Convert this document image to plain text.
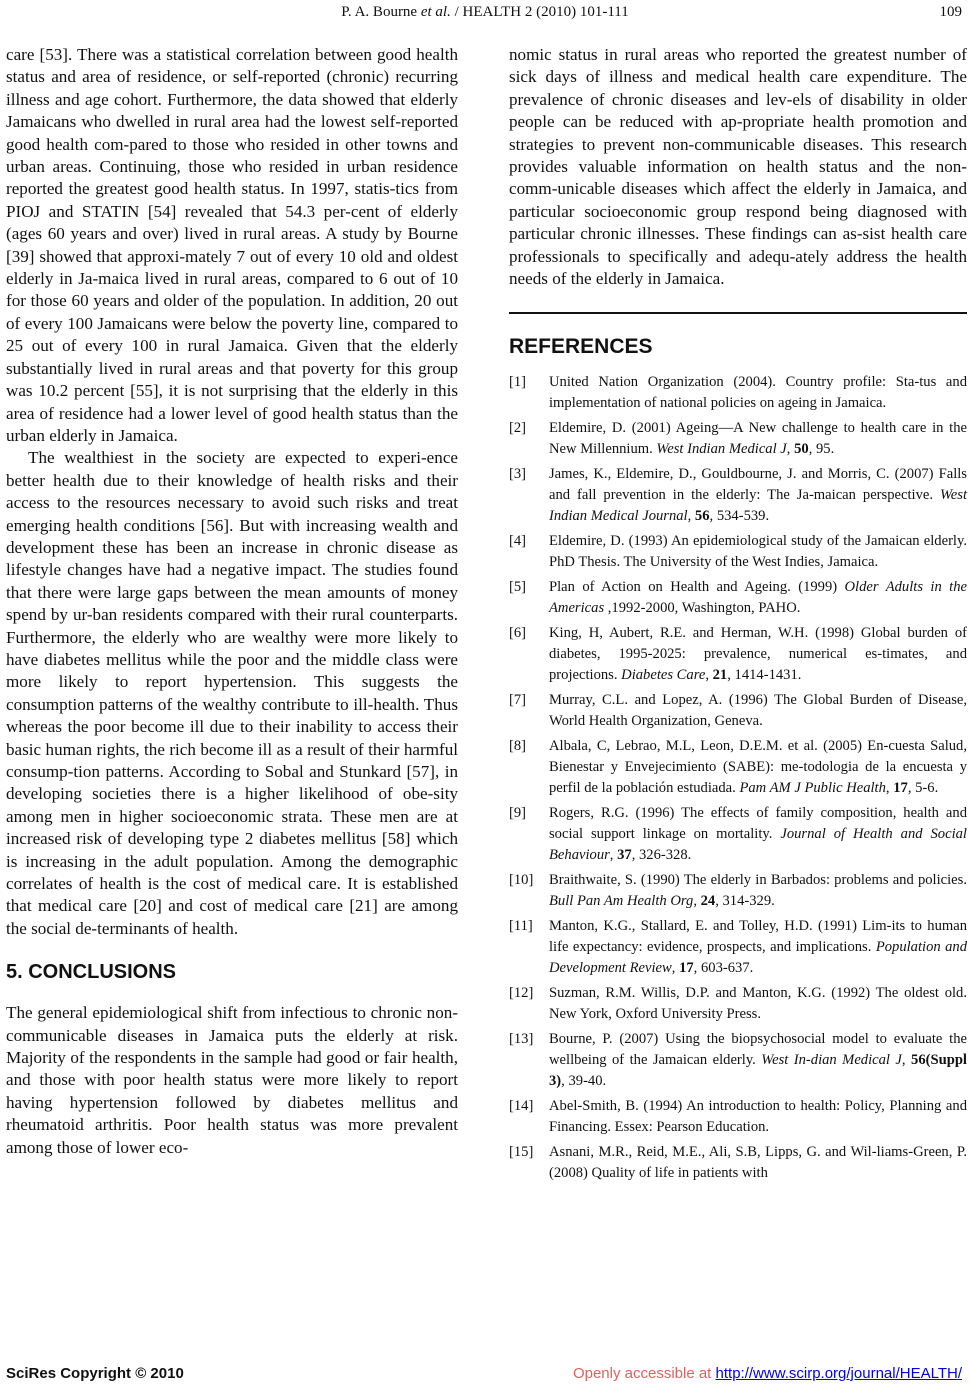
P. A. Bourne et al. / HEALTH 2 (2010) 101-111	109

care [53]. There was a statistical correlation between good health status and area of residence, or self-reported (chronic) recurring illness and age cohort. Furthermore, the data showed that elderly Jamaicans who dwelled in rural area had the lowest self-reported good health com-pared to those who resided in other towns and urban areas. Continuing, those who resided in urban residence reported the greatest good health status. In 1997, statis-tics from PIOJ and STATIN [54] revealed that 54.3 per-cent of elderly (ages 60 years and over) lived in rural areas. A study by Bourne [39] showed that approxi-mately 7 out of every 10 old and oldest elderly in Ja-maica lived in rural areas, compared to 6 out of 10 for those 60 years and older of the population. In addition, 20 out of every 100 Jamaicans were below the poverty line, compared to 25 out of every 100 in rural Jamaica. Given that the elderly substantially lived in rural areas and that poverty for this group was 10.2 percent [55], it is not surprising that the elderly in this area of residence had a lower level of good health status than the urban elderly in Jamaica.

The wealthiest in the society are expected to experi-ence better health due to their knowledge of health risks and their access to the resources necessary to avoid such risks and treat emerging health conditions [56]. But with increasing wealth and development these has been an increase in chronic disease as lifestyle changes have had a negative impact. The studies found that there were large gaps between the mean amounts of money spend by ur-ban residents compared with their rural counterparts. Furthermore, the elderly who are wealthy were more likely to have diabetes mellitus while the poor and the middle class were more likely to report hypertension. This suggests the consumption patterns of the wealthy contribute to ill-health. Thus whereas the poor become ill due to their inability to access their basic human rights, the rich become ill as a result of their harmful consump-tion patterns. According to Sobal and Stunkard [57], in developing societies there is a higher likelihood of obe-sity among men in higher socioeconomic strata. These men are at increased risk of developing type 2 diabetes mellitus [58] which is increasing in the adult population. Among the demographic correlates of health is the cost of medical care. It is established that medical care [20] and cost of medical care [21] are among the social de-terminants of health.

5. CONCLUSIONS

The general epidemiological shift from infectious to chronic non-communicable diseases in Jamaica puts the elderly at risk. Majority of the respondents in the sample had good or fair health, and those with poor health status were more likely to report having hypertension followed by diabetes mellitus and rheumatoid arthritis. Poor health status was more prevalent among those of lower eco-

nomic status in rural areas who reported the greatest number of sick days of illness and medical health care expenditure. The prevalence of chronic diseases and lev-els of disability in older people can be reduced with ap-propriate health promotion and strategies to prevent non-communicable diseases. This research provides valuable information on health status and the non-comm-unicable diseases which affect the elderly in Jamaica, and particular socioeconomic group respond being diagnosed with particular chronic illnesses. These findings can as-sist health care professionals to specifically and adequ-ately address the health needs of the elderly in Jamaica.

REFERENCES
[1] United Nation Organization (2004). Country profile: Sta-tus and implementation of national policies on ageing in Jamaica.
[2] Eldemire, D. (2001) Ageing—A New challenge to health care in the New Millennium. West Indian Medical J, 50, 95.
[3] James, K., Eldemire, D., Gouldbourne, J. and Morris, C. (2007) Falls and fall prevention in the elderly: The Ja-maican perspective. West Indian Medical Journal, 56, 534-539.
[4] Eldemire, D. (1993) An epidemiological study of the Jamaican elderly. PhD Thesis. The University of the West Indies, Jamaica.
[5] Plan of Action on Health and Ageing. (1999) Older Adults in the Americas ,1992-2000, Washington, PAHO.
[6] King, H, Aubert, R.E. and Herman, W.H. (1998) Global burden of diabetes, 1995-2025: prevalence, numerical es-timates, and projections. Diabetes Care, 21, 1414-1431.
[7] Murray, C.L. and Lopez, A. (1996) The Global Burden of Disease, World Health Organization, Geneva.
[8] Albala, C, Lebrao, M.L, Leon, D.E.M. et al. (2005) En-cuesta Salud, Bienestar y Envejecimiento (SABE): me-todologia de la encuesta y perfil de la población estudiada. Pam AM J Public Health, 17, 5-6.
[9] Rogers, R.G. (1996) The effects of family composition, health and social support linkage on mortality. Journal of Health and Social Behaviour, 37, 326-328.
[10] Braithwaite, S. (1990) The elderly in Barbados: problems and policies. Bull Pan Am Health Org, 24, 314-329.
[11] Manton, K.G., Stallard, E. and Tolley, H.D. (1991) Lim-its to human life expectancy: evidence, prospects, and implications. Population and Development Review, 17, 603-637.
[12] Suzman, R.M. Willis, D.P. and Manton, K.G. (1992) The oldest old. New York, Oxford University Press.
[13] Bourne, P. (2007) Using the biopsychosocial model to evaluate the wellbeing of the Jamaican elderly. West In-dian Medical J, 56(Suppl 3), 39-40.
[14] Abel-Smith, B. (1994) An introduction to health: Policy, Planning and Financing. Essex: Pearson Education.
[15] Asnani, M.R., Reid, M.E., Ali, S.B, Lipps, G. and Wil-liams-Green, P. (2008) Quality of life in patients with
SciRes Copyright © 2010	Openly accessible at http://www.scirp.org/journal/HEALTH/
